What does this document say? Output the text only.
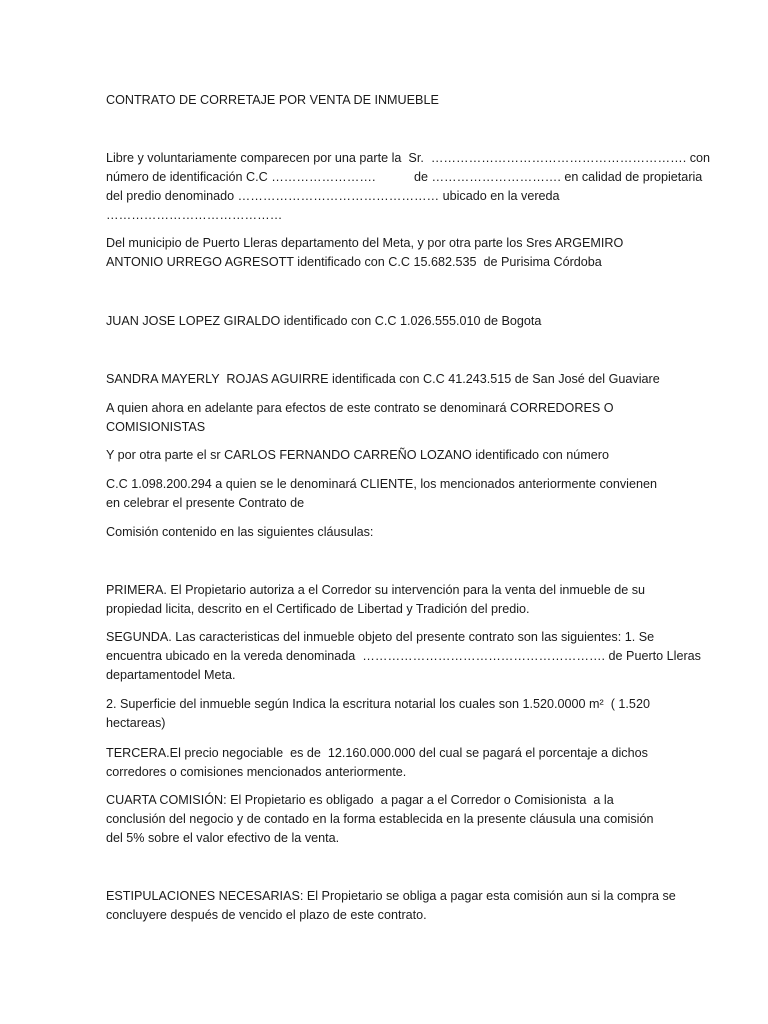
CONTRATO DE CORRETAJE POR VENTA DE INMUEBLE

Libre y voluntariamente comparecen por una parte la  Sr.  ……………………………………………………. con

número de identificación C.C …………………….           de …………………………. en calidad de propietaria

del predio denominado ………………………………………… ubicado en la vereda

……………………………………

Del municipio de Puerto Lleras departamento del Meta, y por otra parte los Sres ARGEMIRO

ANTONIO URREGO AGRESOTT identificado con C.C 15.682.535  de Purisima Córdoba

JUAN JOSE LOPEZ GIRALDO identificado con C.C 1.026.555.010 de Bogota

SANDRA MAYERLY  ROJAS AGUIRRE identificada con C.C 41.243.515 de San José del Guaviare

A quien ahora en adelante para efectos de este contrato se denominará CORREDORES O

COMISIONISTAS

Y por otra parte el sr CARLOS FERNANDO CARREÑO LOZANO identificado con número

C.C 1.098.200.294 a quien se le denominará CLIENTE, los mencionados anteriormente convienen

en celebrar el presente Contrato de

Comisión contenido en las siguientes cláusulas:

PRIMERA. El Propietario autoriza a el Corredor su intervención para la venta del inmueble de su

propiedad licita, descrito en el Certificado de Libertad y Tradición del predio.

SEGUNDA. Las caracteristicas del inmueble objeto del presente contrato son las siguientes: 1. Se

encuentra ubicado en la vereda denominada  …………………………………………………. de Puerto Lleras

departamentodel Meta.

2. Superficie del inmueble según Indica la escritura notarial los cuales son 1.520.0000 m²  ( 1.520

hectareas)

TERCERA.El precio negociable  es de  12.160.000.000 del cual se pagará el porcentaje a dichos

corredores o comisiones mencionados anteriormente.

CUARTA COMISIÓN: El Propietario es obligado  a pagar a el Corredor o Comisionista  a la

conclusión del negocio y de contado en la forma establecida en la presente cláusula una comisión

del 5% sobre el valor efectivo de la venta.

ESTIPULACIONES NECESARIAS: El Propietario se obliga a pagar esta comisión aun si la compra se

concluyere después de vencido el plazo de este contrato.
